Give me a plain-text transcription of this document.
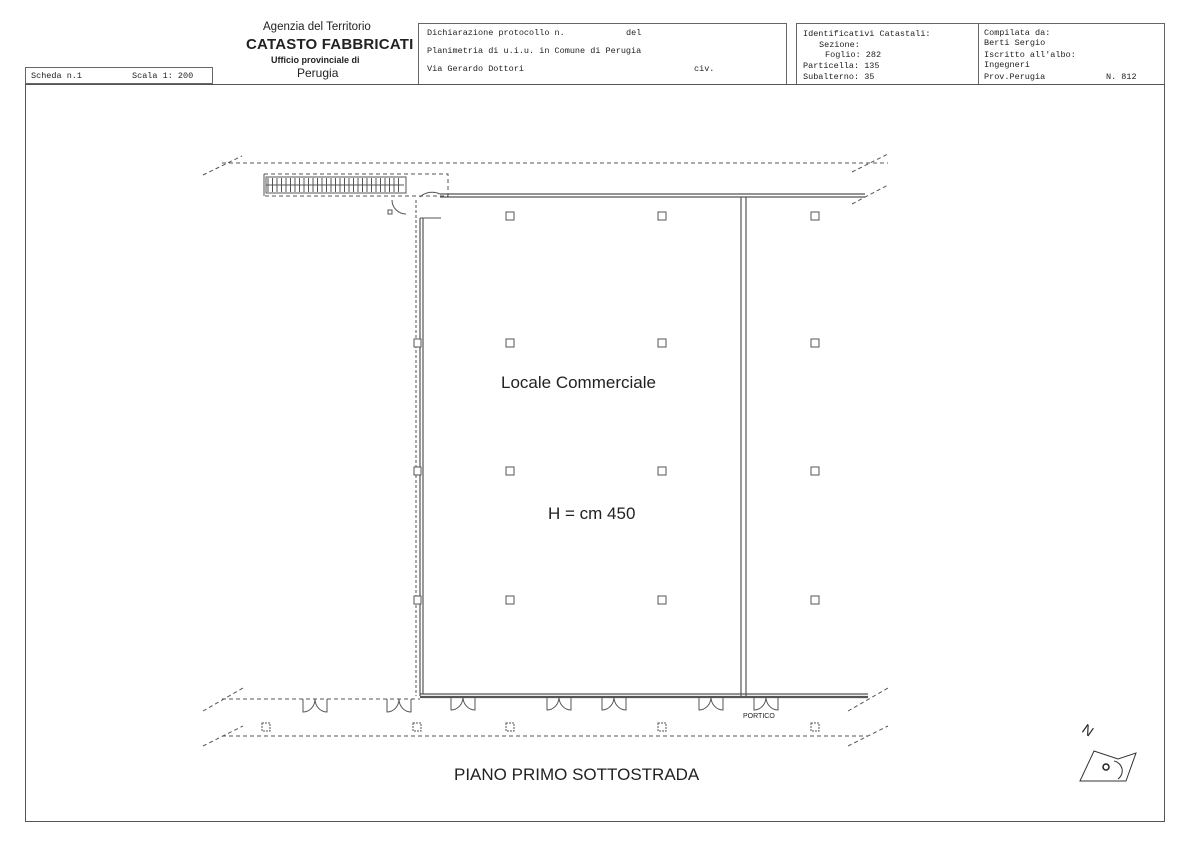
Scheda n.1	Scala 1: 200
Agenzia del Territorio
CATASTO FABBRICATI
Ufficio provinciale di
Perugia
Dichiarazione protocollo n.	del
Planimetria di u.i.u. in Comune di Perugia
Via Gerardo Dottori	civ.
Identificativi Catastali:
Sezione:
Foglio: 282
Particella: 135
Subalterno: 35
Compilata da:
Berti Sergio
Iscritto all'albo:
Ingegneri
Prov.Perugia	N. 812
Locale Commerciale
H = cm 450
PORTICO
PIANO PRIMO SOTTOSTRADA
N
